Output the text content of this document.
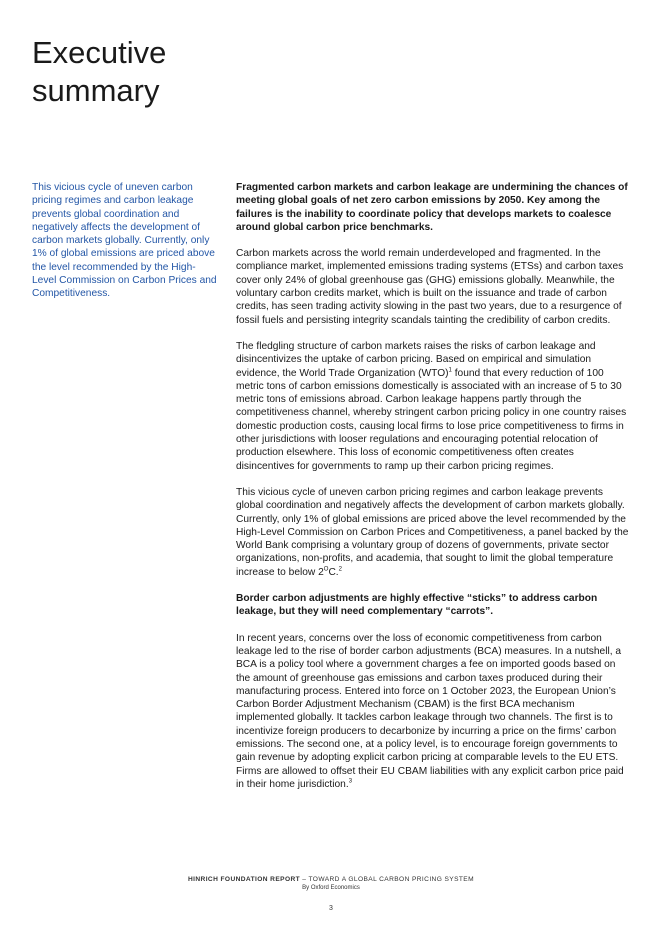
Executive
summary

This vicious cycle of uneven carbon pricing regimes and carbon leakage prevents global coordination and negatively affects the development of carbon markets globally. Currently, only 1% of global emissions are priced above the level recommended by the High-Level Commission on Carbon Prices and Competitiveness.

Fragmented carbon markets and carbon leakage are undermining the chances of meeting global goals of net zero carbon emissions by 2050. Key among the failures is the inability to coordinate policy that develops markets to coalesce around global carbon price benchmarks.

Carbon markets across the world remain underdeveloped and fragmented. In the compliance market, implemented emissions trading systems (ETSs) and carbon taxes cover only 24% of global greenhouse gas (GHG) emissions globally. Meanwhile, the voluntary carbon credits market, which is built on the issuance and trade of carbon credits, has seen trading activity slowing in the past two years, due to a resurgence of fossil fuels and persisting integrity scandals tainting the credibility of carbon credits.

The fledgling structure of carbon markets raises the risks of carbon leakage and disincentivizes the uptake of carbon pricing. Based on empirical and simulation evidence, the World Trade Organization (WTO)$^1$ found that every reduction of 100 metric tons of carbon emissions domestically is associated with an increase of 5 to 30 metric tons of emissions abroad. Carbon leakage happens partly through the competitiveness channel, whereby stringent carbon pricing policy in one country raises domestic production costs, causing local firms to lose price competitiveness to firms in other jurisdictions with looser regulations and encouraging potential relocation of production elsewhere. This loss of economic competitiveness often creates disincentives for governments to ramp up their carbon pricing regimes.

This vicious cycle of uneven carbon pricing regimes and carbon leakage prevents global coordination and negatively affects the development of carbon markets globally. Currently, only 1% of global emissions are priced above the level recommended by the High-Level Commission on Carbon Prices and Competitiveness, a panel backed by the World Bank comprising a voluntary group of dozens of governments, private sector organizations, non-profits, and academia, that sought to limit the global temperature increase to below $2^OC.^2$

Border carbon adjustments are highly effective “sticks” to address carbon leakage, but they will need complementary “carrots”.

In recent years, concerns over the loss of economic competitiveness from carbon leakage led to the rise of border carbon adjustments (BCA) measures. In a nutshell, a BCA is a policy tool where a government charges a fee on imported goods based on the amount of greenhouse gas emissions and carbon taxes produced during their manufacturing process. Entered into force on 1 October 2023, the European Union’s Carbon Border Adjustment Mechanism (CBAM) is the first BCA mechanism implemented globally. It tackles carbon leakage through two channels. The first is to incentivize foreign producers to decarbonize by incurring a price on the firms’ carbon emissions. The second one, at a policy level, is to encourage foreign governments to gain revenue by adopting explicit carbon pricing at comparable levels to the EU ETS. Firms are allowed to offset their EU CBAM liabilities with any explicit carbon price paid in their home jurisdiction.$^3$

HINRICH FOUNDATION REPORT – TOWARD A GLOBAL CARBON PRICING SYSTEM
By Oxford Economics
3
